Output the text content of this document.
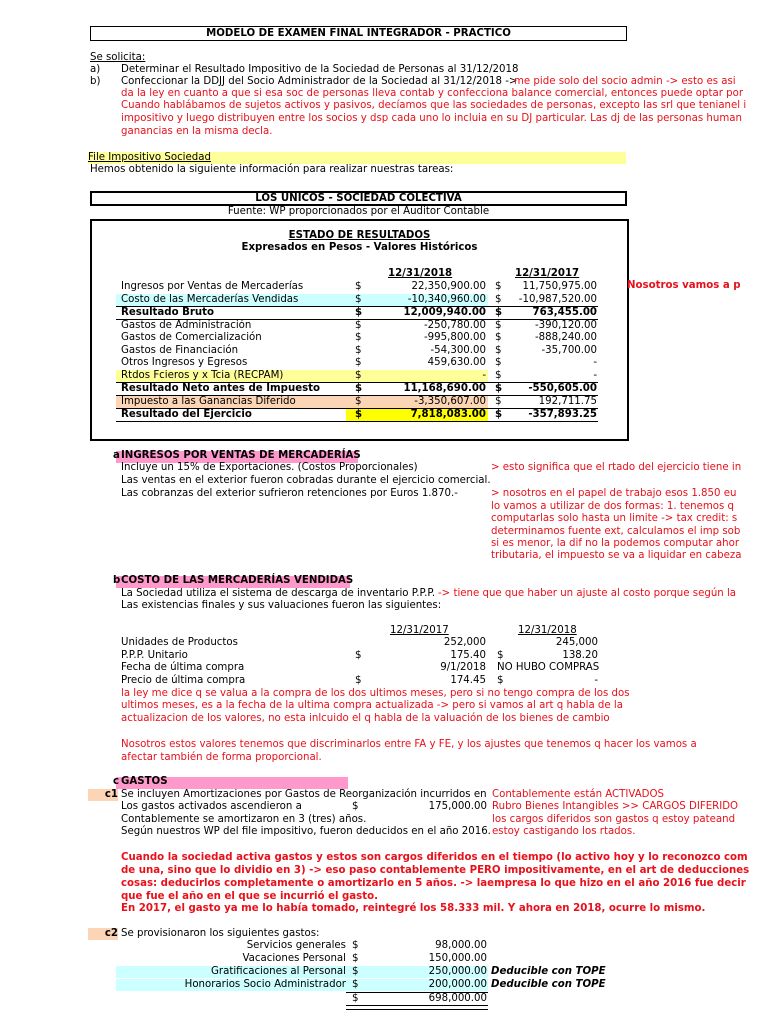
MODELO DE EXAMEN FINAL INTEGRADOR - PRACTICO
Se solicita:
a) Determinar el Resultado Impositivo de la Sociedad de Personas al 31/12/2018
b) Confeccionar la DDJJ del Socio Administrador de la Sociedad al 31/12/2018 ->
me pide solo del socio admin -> esto es asi
da la ley en cuanto a que si esa soc de personas lleva contab y confecciona balance comercial, entonces puede optar por
Cuando hablábamos de sujetos activos y pasivos, decíamos que las sociedades de personas, excepto las srl que tenianel i
impositivo y luego distribuyen entre los socios y dsp cada uno lo incluia en su DJ particular. Las dj de las personas human
ganancias en la misma decla.
File Impositivo Sociedad
Hemos obtenido la siguiente información para realizar nuestras tareas:
LOS UNICOS - SOCIEDAD COLECTIVA
Fuente: WP proporcionados por el Auditor Contable
ESTADO DE RESULTADOS
Expresados en Pesos - Valores Históricos
12/31/2018	12/31/2017
Nosotros vamos a p
Ingresos por Ventas de Mercaderías	$	22,350,900.00 $	11,750,975.00
Costo de las Mercaderías Vendidas	$	-10,340,960.00 $	-10,987,520.00
Resultado Bruto	$	12,009,940.00 $	763,455.00
Gastos de Administración	$	-250,780.00 $	-390,120.00
Gastos de Comercialización	$	-995,800.00 $	-888,240.00
Gastos de Financiación	$	-54,300.00 $	-35,700.00
Otros Ingresos y Egresos	$	459,630.00 $	-
Rtdos Fcieros y x Tcia (RECPAM)	$	- $	-
Resultado Neto antes de Impuesto	$	11,168,690.00 $	-550,605.00
Impuesto a las Ganancias Diferido	$	-3,350,607.00 $	192,711.75
Resultado del Ejercicio	$	7,818,083.00 $	-357,893.25
a INGRESOS POR VENTAS DE MERCADERÍAS
Incluye un 15% de Exportaciones. (Costos Proporcionales)
Las ventas en el exterior fueron cobradas durante el ejercicio comercial.
Las cobranzas del exterior sufrieron retenciones por Euros 1.870.-
> esto significa que el rtado del ejercicio tiene in
> nosotros en el papel de trabajo esos 1.850 eu
lo vamos a utilizar de dos formas: 1. tenemos q
computarlas solo hasta un limite -> tax credit: s
determinamos fuente ext, calculamos el imp sob
si es menor, la dif no la podemos computar ahor
tributaria, el impuesto se va a liquidar en cabeza
b COSTO DE LAS MERCADERÍAS VENDIDAS
La Sociedad utiliza el sistema de descarga de inventario P.P.P. -> tiene que que haber un ajuste al costo porque según la
Las existencias finales y sus valuaciones fueron las siguientes:
12/31/2017	12/31/2018
Unidades de Productos	252,000	245,000
P.P.P. Unitario	$	175.40 $	138.20
Fecha de última compra	9/1/2018 NO HUBO COMPRAS
Precio de última compra	$	174.45 $	-
la ley me dice q se valua a la compra de los dos ultimos meses, pero si no tengo compra de los dos
ultimos meses, es a la fecha de la ultima compra actualizada -> pero si vamos al art q habla de la
actualizacion de los valores, no esta inlcuido el q habla de la valuación de los bienes de cambio
Nosotros estos valores tenemos que discriminarlos entre FA y FE, y los ajustes que tenemos q hacer los vamos a
afectar también de forma proporcional.
c GASTOS
c1 Se incluyen Amortizaciones por Gastos de Reorganización incurridos en
Los gastos activados ascendieron a	$	175,000.00
Contablemente se amortizaron en 3 (tres) años.
Según nuestros WP del file impositivo, fueron deducidos en el año 2016.
Contablemente están ACTIVADOS
Rubro Bienes Intangibles >> CARGOS DIFERIDO
los cargos diferidos son gastos q estoy pateand
estoy castigando los rtados.
Cuando la sociedad activa gastos y estos son cargos diferidos en el tiempo (lo activo hoy y lo reconozco com
de una, sino que lo dividio en 3) -> eso paso contablemente PERO impositivamente, en el art de deducciones
cosas: deducirlos completamente o amortizarlo en 5 años. -> laempresa lo que hizo en el año 2016 fue decir
que fue el año en el que se incurrió el gasto.
En 2017, el gasto ya me lo había tomado, reintegré los 58.333 mil. Y ahora en 2018, ocurre lo mismo.
c2 Se provisionaron los siguientes gastos:
Servicios generales $	98,000.00
Vacaciones Personal $	150,000.00
Gratificaciones al Personal $	250,000.00 Deducible con TOPE
Honorarios Socio Administrador $	200,000.00 Deducible con TOPE
$	698,000.00
